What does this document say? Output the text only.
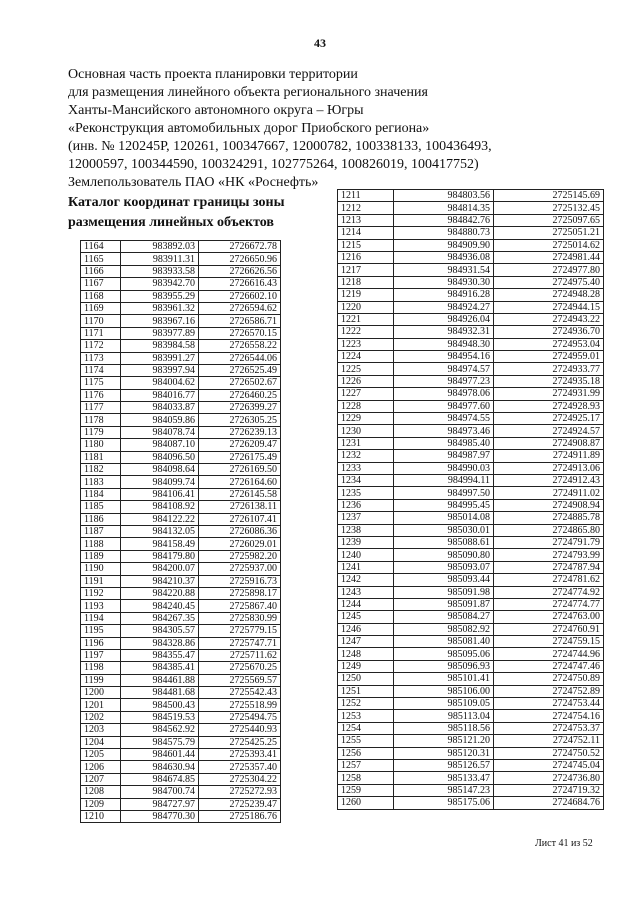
43
Основная часть проекта планировки территории
для размещения линейного объекта регионального значения
Ханты-Мансийского автономного округа – Югры
«Реконструкция автомобильных дорог Приобского региона»
(инв. № 120245Р, 120261, 100347667, 12000782, 100338133, 100436493,
12000597, 100344590, 100324291, 102775264, 100826019, 100417752)
Землепользователь ПАО «НК «Роснефть»
Каталог координат границы зоны
размещения линейных объектов
1164	983892.03	2726672.78
1165	983911.31	2726650.96
1166	983933.58	2726626.56
1167	983942.70	2726616.43
1168	983955.29	2726602.10
1169	983961.32	2726594.62
1170	983967.16	2726586.71
1171	983977.89	2726570.15
1172	983984.58	2726558.22
1173	983991.27	2726544.06
1174	983997.94	2726525.49
1175	984004.62	2726502.67
1176	984016.77	2726460.25
1177	984033.87	2726399.27
1178	984059.86	2726305.25
1179	984078.74	2726239.13
1180	984087.10	2726209.47
1181	984096.50	2726175.49
1182	984098.64	2726169.50
1183	984099.74	2726164.60
1184	984106.41	2726145.58
1185	984108.92	2726138.11
1186	984122.22	2726107.41
1187	984132.05	2726086.36
1188	984158.49	2726029.01
1189	984179.80	2725982.20
1190	984200.07	2725937.00
1191	984210.37	2725916.73
1192	984220.88	2725898.17
1193	984240.45	2725867.40
1194	984267.35	2725830.99
1195	984305.57	2725779.15
1196	984328.86	2725747.71
1197	984355.47	2725711.62
1198	984385.41	2725670.25
1199	984461.88	2725569.57
1200	984481.68	2725542.43
1201	984500.43	2725518.99
1202	984519.53	2725494.75
1203	984562.92	2725440.93
1204	984575.79	2725425.25
1205	984601.44	2725393.41
1206	984630.94	2725357.40
1207	984674.85	2725304.22
1208	984700.74	2725272.93
1209	984727.97	2725239.47
1210	984770.30	2725186.76
1211	984803.56	2725145.69
1212	984814.35	2725132.45
1213	984842.76	2725097.65
1214	984880.73	2725051.21
1215	984909.90	2725014.62
1216	984936.08	2724981.44
1217	984931.54	2724977.80
1218	984930.30	2724975.40
1219	984916.28	2724948.28
1220	984924.27	2724944.15
1221	984926.04	2724943.22
1222	984932.31	2724936.70
1223	984948.30	2724953.04
1224	984954.16	2724959.01
1225	984974.57	2724933.77
1226	984977.23	2724935.18
1227	984978.06	2724931.99
1228	984977.60	2724928.93
1229	984974.55	2724925.17
1230	984973.46	2724924.57
1231	984985.40	2724908.87
1232	984987.97	2724911.89
1233	984990.03	2724913.06
1234	984994.11	2724912.43
1235	984997.50	2724911.02
1236	984995.45	2724908.94
1237	985014.08	2724885.78
1238	985030.01	2724865.80
1239	985088.61	2724791.79
1240	985090.80	2724793.99
1241	985093.07	2724787.94
1242	985093.44	2724781.62
1243	985091.98	2724774.92
1244	985091.87	2724774.77
1245	985084.27	2724763.00
1246	985082.92	2724760.91
1247	985081.40	2724759.15
1248	985095.06	2724744.96
1249	985096.93	2724747.46
1250	985101.41	2724750.89
1251	985106.00	2724752.89
1252	985109.05	2724753.44
1253	985113.04	2724754.16
1254	985118.56	2724753.37
1255	985121.20	2724752.11
1256	985120.31	2724750.52
1257	985126.57	2724745.04
1258	985133.47	2724736.80
1259	985147.23	2724719.32
1260	985175.06	2724684.76
Лист 41 из 52
